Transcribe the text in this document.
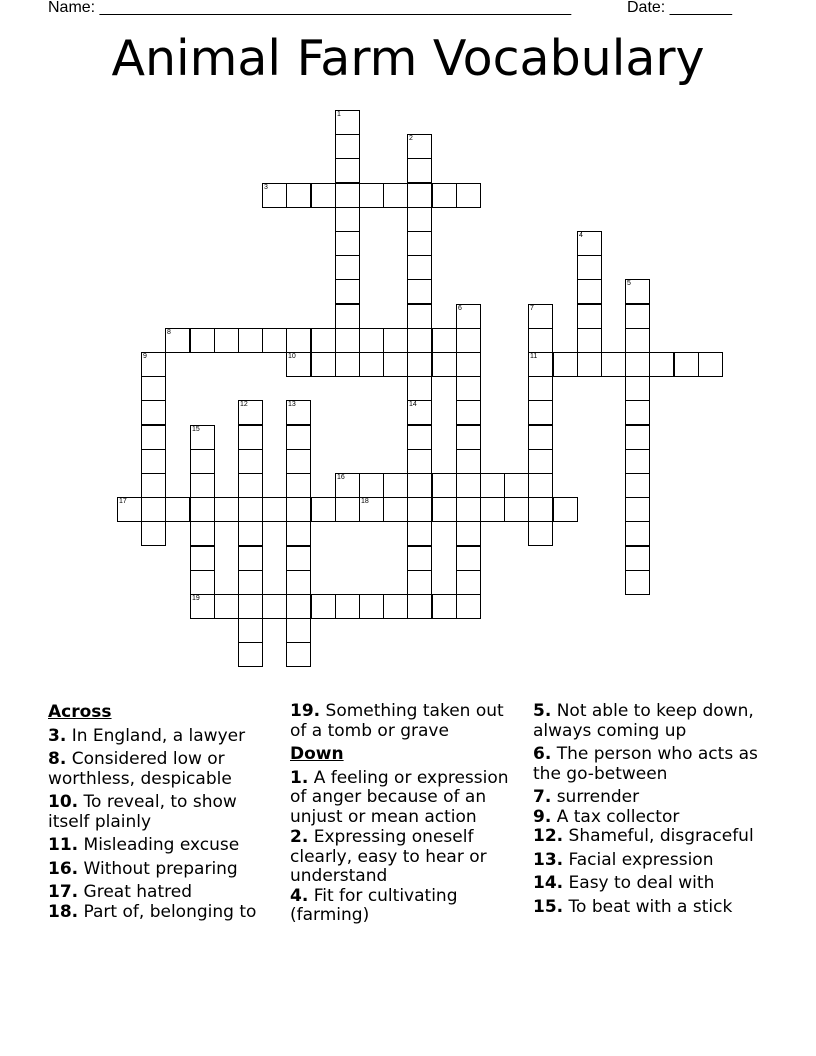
Name: _____________________________________________________	Date: _______
Animal Farm Vocabulary
1
2
3
4
5
6	7
11
8
9	10
12	13	14
15
19
16
17	18
Across
3. In England, a lawyer
8. Considered low or worthless, despicable
10. To reveal, to show itself plainly
11. Misleading excuse
16. Without preparing
17. Great hatred
18. Part of, belonging to
19. Something taken out of a tomb or grave
Down
1. A feeling or expression of anger because of an unjust or mean action
2. Expressing oneself clearly, easy to hear or understand
4. Fit for cultivating (farming)
5. Not able to keep down, always coming up
6. The person who acts as the go-between
7. surrender
9. A tax collector
12. Shameful, disgraceful
13. Facial expression
14. Easy to deal with
15. To beat with a stick
